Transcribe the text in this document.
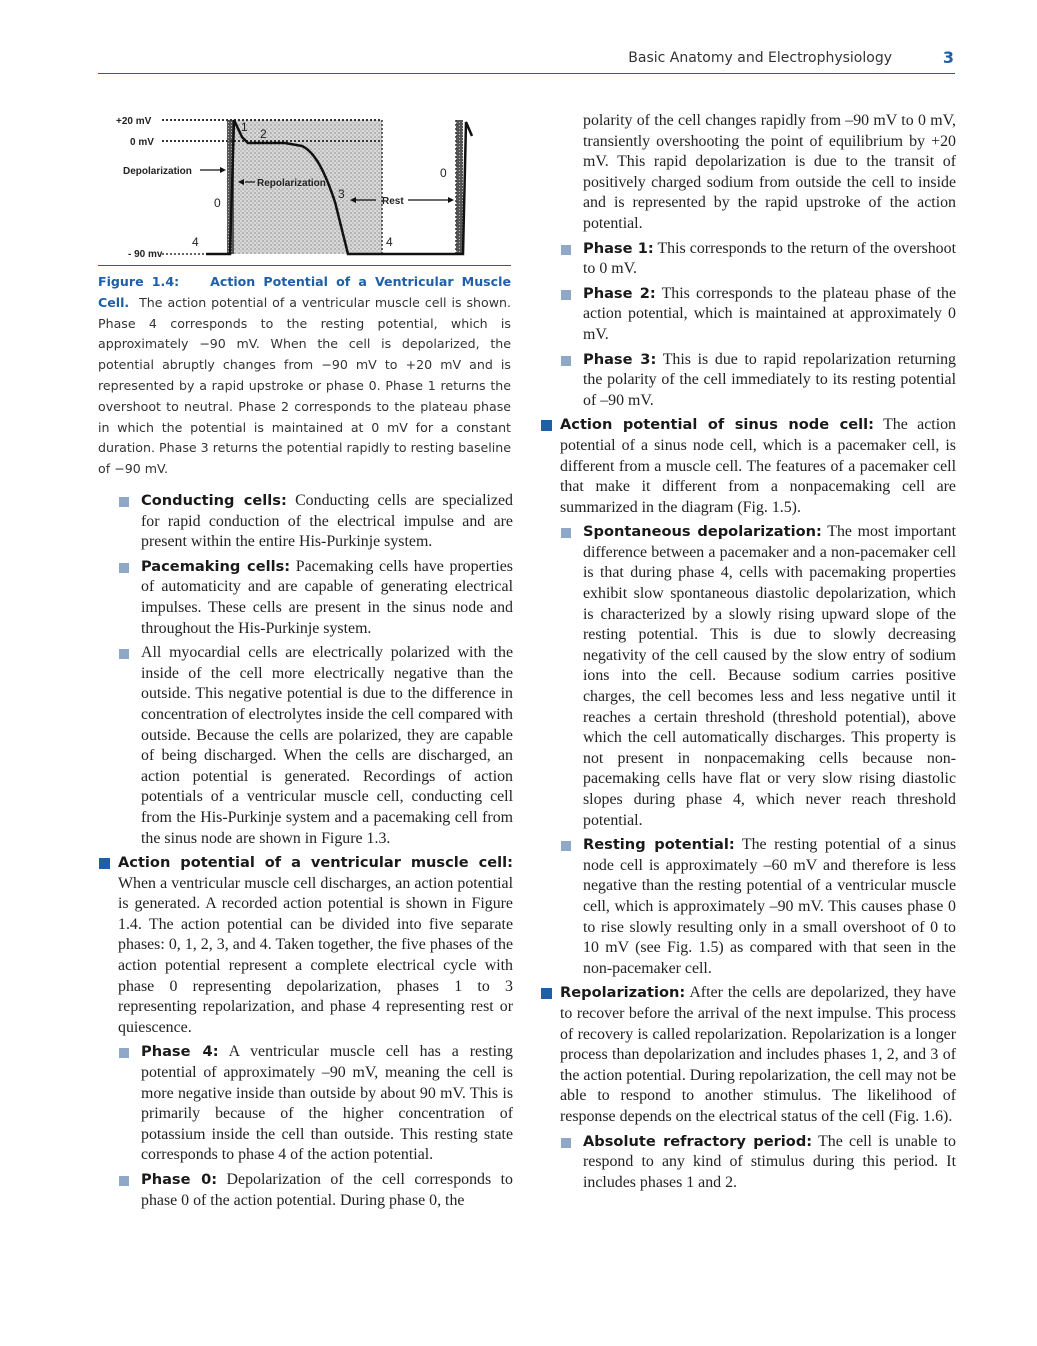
Basic Anatomy and Electrophysiology	3
+20 mV
0 mV
Depolarization
- 90 mv
Repolarization
Rest
0
0
1 2
3
4	4
Figure 1.4: Action Potential of a Ventricular Muscle Cell. The action potential of a ventricular muscle cell is shown. Phase 4 corresponds to the resting potential, which is approximately −90 mV. When the cell is depolarized, the potential abruptly changes from −90 mV to +20 mV and is represented by a rapid upstroke or phase 0. Phase 1 returns the overshoot to neutral. Phase 2 corresponds to the plateau phase in which the potential is maintained at 0 mV for a constant duration. Phase 3 returns the potential rapidly to resting baseline of −90 mV.
Conducting cells: Conducting cells are specialized for rapid conduction of the electrical impulse and are present within the entire His-Purkinje system.
Pacemaking cells: Pacemaking cells have properties of automaticity and are capable of generating electrical impulses. These cells are present in the sinus node and throughout the His-Purkinje system.
All myocardial cells are electrically polarized with the inside of the cell more electrically negative than the outside. This negative potential is due to the difference in concentration of electrolytes inside the cell compared with outside. Because the cells are polarized, they are capable of being discharged. When the cells are discharged, an action potential is generated. Recordings of action potentials of a ventricular muscle cell, conducting cell from the His-Purkinje system and a pacemaking cell from the sinus node are shown in Figure 1.3.
Action potential of a ventricular muscle cell: When a ventricular muscle cell discharges, an action potential is generated. A recorded action potential is shown in Figure 1.4. The action potential can be divided into five separate phases: 0, 1, 2, 3, and 4. Taken together, the five phases of the action potential represent a complete electrical cycle with phase 0 representing depolarization, phases 1 to 3 representing repolarization, and phase 4 representing rest or quiescence.
Phase 4: A ventricular muscle cell has a resting potential of approximately –90 mV, meaning the cell is more negative inside than outside by about 90 mV. This is primarily because of the higher concentration of potassium inside the cell than outside. This resting state corresponds to phase 4 of the action potential.
Phase 0: Depolarization of the cell corresponds to phase 0 of the action potential. During phase 0, the
polarity of the cell changes rapidly from –90 mV to 0 mV, transiently overshooting the point of equilibrium by +20 mV. This rapid depolarization is due to the transit of positively charged sodium from outside the cell to inside and is represented by the rapid upstroke of the action potential.
Phase 1: This corresponds to the return of the overshoot to 0 mV.
Phase 2: This corresponds to the plateau phase of the action potential, which is maintained at approximately 0 mV.
Phase 3: This is due to rapid repolarization returning the polarity of the cell immediately to its resting potential of –90 mV.
Action potential of sinus node cell: The action potential of a sinus node cell, which is a pacemaker cell, is different from a muscle cell. The features of a pacemaker cell that make it different from a nonpacemaking cell are summarized in the diagram (Fig. 1.5).
Spontaneous depolarization: The most important difference between a pacemaker and a non-pacemaker cell is that during phase 4, cells with pacemaking properties exhibit slow spontaneous diastolic depolarization, which is characterized by a slowly rising upward slope of the resting potential. This is due to slowly decreasing negativity of the cell caused by the slow entry of sodium ions into the cell. Because sodium carries positive charges, the cell becomes less and less negative until it reaches a certain threshold (threshold potential), above which the cell automatically discharges. This property is not present in nonpacemaking cells because non-pacemaking cells have flat or very slow rising diastolic slopes during phase 4, which never reach threshold potential.
Resting potential: The resting potential of a sinus node cell is approximately –60 mV and therefore is less negative than the resting potential of a ventricular muscle cell, which is approximately –90 mV. This causes phase 0 to rise slowly resulting only in a small overshoot of 0 to 10 mV (see Fig. 1.5) as compared with that seen in the non-pacemaker cell.
Repolarization: After the cells are depolarized, they have to recover before the arrival of the next impulse. This process of recovery is called repolarization. Repolarization is a longer process than depolarization and includes phases 1, 2, and 3 of the action potential. During repolarization, the cell may not be able to respond to another stimulus. The likelihood of response depends on the electrical status of the cell (Fig. 1.6).
Absolute refractory period: The cell is unable to respond to any kind of stimulus during this period. It includes phases 1 and 2.
